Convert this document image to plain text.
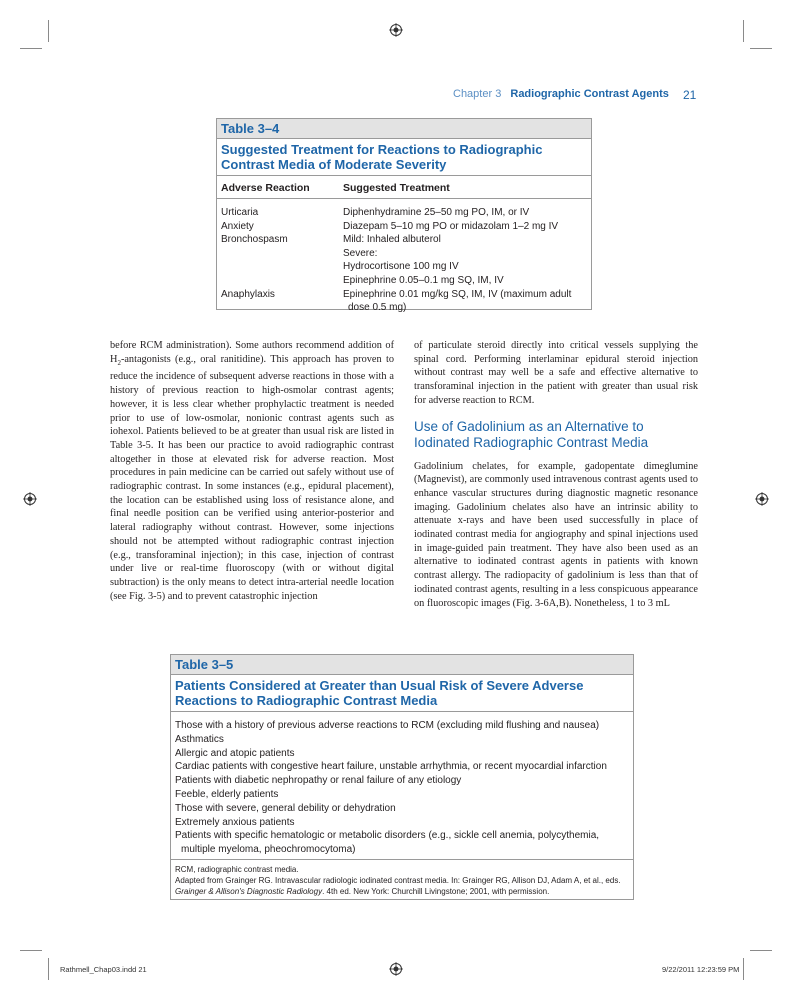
Chapter 3 Radiographic Contrast Agents 21
Table 3–4
Suggested Treatment for Reactions to Radiographic Contrast Media of Moderate Severity
Adverse Reaction	Suggested Treatment
Urticaria	Diphenhydramine 25–50 mg PO, IM, or IV
Anxiety	Diazepam 5–10 mg PO or midazolam 1–2 mg IV
Bronchospasm	Mild: Inhaled albuterol
Severe:
Hydrocortisone 100 mg IV
Epinephrine 0.05–0.1 mg SQ, IM, IV
Anaphylaxis	Epinephrine 0.01 mg/kg SQ, IM, IV (maximum adult dose 0.5 mg)

before RCM administration). Some authors recommend addition of $H_2$-antagonists (e.g., oral ranitidine). This approach has proven to reduce the incidence of subsequent adverse reactions in those with a history of previous reaction to high-osmolar contrast agents; however, it is less clear whether prophylactic treatment is needed prior to use of low-osmolar, nonionic contrast agents such as iohexol. Patients believed to be at greater than usual risk are listed in Table 3-5. It has been our practice to avoid radiographic contrast altogether in those at elevated risk for adverse reaction. Most procedures in pain medicine can be carried out safely without use of radiographic contrast. In some instances (e.g., epidural placement), the location can be established using loss of resistance alone, and final needle position can be verified using anterior-posterior and lateral radiography without contrast. However, some injections should not be attempted without radiographic contrast injection (e.g., transforaminal injection); in this case, injection of contrast under live or real-time fluoroscopy (with or without digital subtraction) is the only means to detect intra-arterial needle location (see Fig. 3-5) and to prevent catastrophic injection

of particulate steroid directly into critical vessels supplying the spinal cord. Performing interlaminar epidural steroid injection without contrast may well be a safe and effective alternative to transforaminal injection in the patient with greater than usual risk for adverse reaction to RCM.

Use of Gadolinium as an Alternative to Iodinated Radiographic Contrast Media

Gadolinium chelates, for example, gadopentate dimeglumine (Magnevist), are commonly used intravenous contrast agents used to enhance vascular structures during diagnostic magnetic resonance imaging. Gadolinium chelates also have an intrinsic ability to attenuate x-rays and have been used successfully in place of iodinated contrast media for angiography and spinal injections used in image-guided pain treatment. They have also been used as an alternative to iodinated contrast agents in patients with known contrast allergy. The radiopacity of gadolinium is less than that of iodinated contrast agents, resulting in a less conspicuous appearance on fluoroscopic images (Fig. 3-6A,B). Nonetheless, 1 to 3 mL

Table 3–5
Patients Considered at Greater than Usual Risk of Severe Adverse Reactions to Radiographic Contrast Media
Those with a history of previous adverse reactions to RCM (excluding mild flushing and nausea)
Asthmatics
Allergic and atopic patients
Cardiac patients with congestive heart failure, unstable arrhythmia, or recent myocardial infarction
Patients with diabetic nephropathy or renal failure of any etiology
Feeble, elderly patients
Those with severe, general debility or dehydration
Extremely anxious patients
Patients with specific hematologic or metabolic disorders (e.g., sickle cell anemia, polycythemia, multiple myeloma, pheochromocytoma)
RCM, radiographic contrast media.
Adapted from Grainger RG. Intravascular radiologic iodinated contrast media. In: Grainger RG, Allison DJ, Adam A, et al., eds.
Grainger & Allison's Diagnostic Radiology. 4th ed. New York: Churchill Livingstone; 2001, with permission.
Rathmell_Chap03.indd 21	9/22/2011 12:23:59 PM
